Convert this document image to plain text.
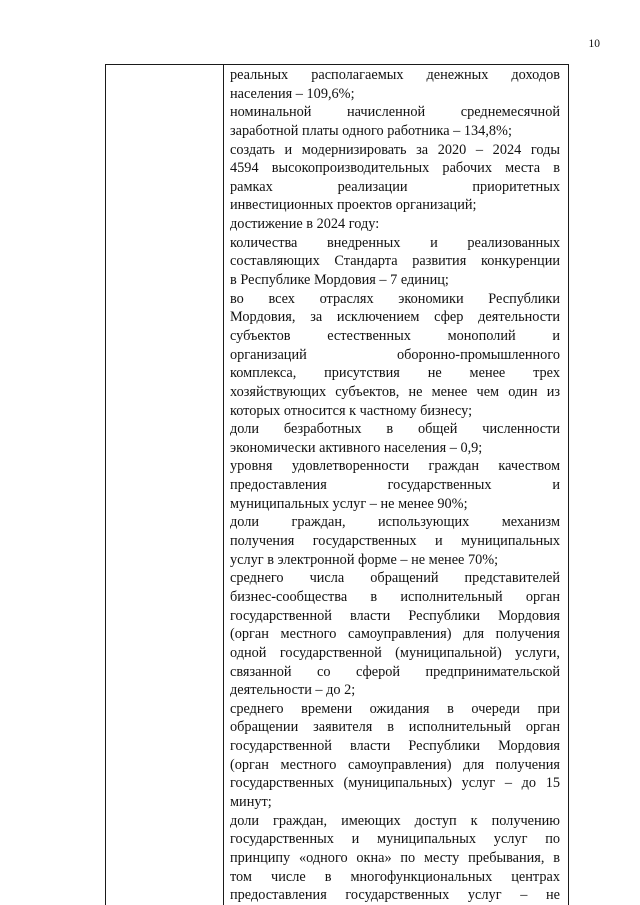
10
реальных располагаемых денежных доходов
населения – 109,6%;
номинальной начисленной среднемесячной
заработной платы одного работника – 134,8%;
создать и модернизировать за 2020 – 2024 годы
4594 высокопроизводительных рабочих места в
рамках реализации приоритетных
инвестиционных проектов организаций;
достижение в 2024 году:
количества внедренных и реализованных
составляющих Стандарта развития конкуренции
в Республике Мордовия – 7 единиц;
во всех отраслях экономики Республики
Мордовия, за исключением сфер деятельности
субъектов естественных монополий и
организаций оборонно-промышленного
комплекса, присутствия не менее трех
хозяйствующих субъектов, не менее чем один из
которых относится к частному бизнесу;
доли безработных в общей численности
экономически активного населения – 0,9;
уровня удовлетворенности граждан качеством
предоставления государственных и
муниципальных услуг – не менее 90%;
доли граждан, использующих механизм
получения государственных и муниципальных
услуг в электронной форме – не менее 70%;
среднего числа обращений представителей
бизнес-сообщества в исполнительный орган
государственной власти Республики Мордовия
(орган местного самоуправления) для получения
одной государственной (муниципальной) услуги,
связанной со сферой предпринимательской
деятельности – до 2;
среднего времени ожидания в очереди при
обращении заявителя в исполнительный орган
государственной власти Республики Мордовия
(орган местного самоуправления) для получения
государственных (муниципальных) услуг – до 15
минут;
доли граждан, имеющих доступ к получению
государственных и муниципальных услуг по
принципу «одного окна» по месту пребывания, в
том числе в многофункциональных центрах
предоставления государственных услуг – не
